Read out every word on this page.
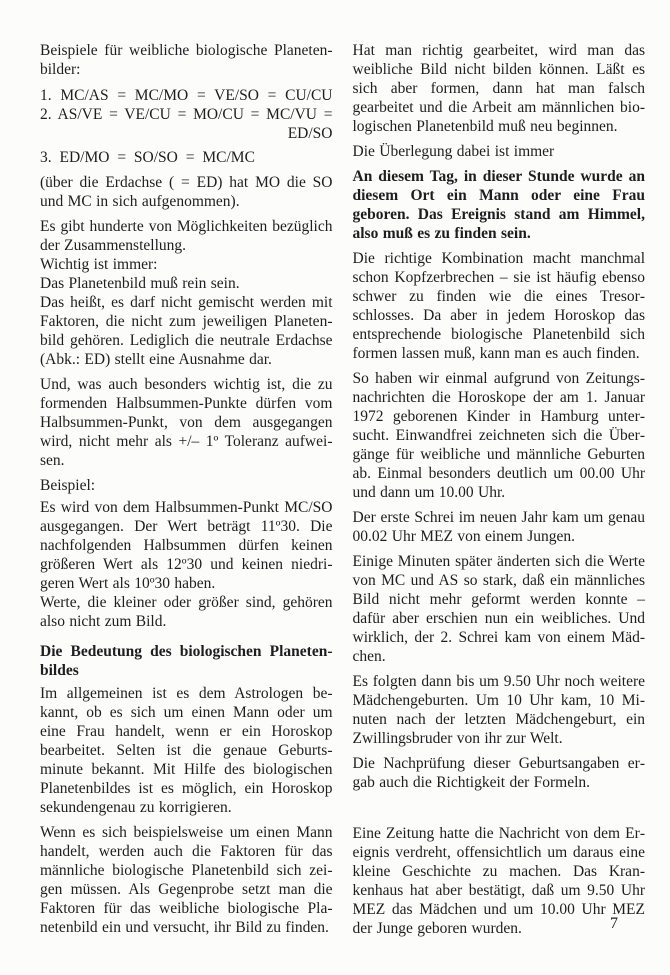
Beispiele für weibliche biologische Planetenbilder:

1. MC/AS = MC/MO = VE/SO = CU/CU
2. AS/VE = VE/CU = MO/CU = MC/VU =
ED/SO
3. ED/MO = SO/SO = MC/MC

(über die Erdachse ( = ED) hat MO die SO und MC in sich aufgenommen).

Es gibt hunderte von Möglichkeiten bezüglich der Zusammenstellung.

Wichtig ist immer:

Das Planetenbild muß rein sein.

Das heißt, es darf nicht gemischt werden mit Faktoren, die nicht zum jeweiligen Planetenbild gehören. Lediglich die neutrale Erdachse (Abk.: ED) stellt eine Ausnahme dar.

Und, was auch besonders wichtig ist, die zu formenden Halbsummen-Punkte dürfen vom Halbsummen-Punkt, von dem ausgegangen wird, nicht mehr als +/– 1º Toleranz aufweisen.

Beispiel:

Es wird von dem Halbsummen-Punkt MC/SO ausgegangen. Der Wert beträgt 11º30. Die nachfolgenden Halbsummen dürfen keinen größeren Wert als 12º30 und keinen niedrigeren Wert als 10º30 haben.

Werte, die kleiner oder größer sind, gehören also nicht zum Bild.

Die Bedeutung des biologischen Planetenbildes

Im allgemeinen ist es dem Astrologen bekannt, ob es sich um einen Mann oder um eine Frau handelt, wenn er ein Horoskop bearbeitet. Selten ist die genaue Geburtsminute bekannt. Mit Hilfe des biologischen Planetenbildes ist es möglich, ein Horoskop sekundengenau zu korrigieren.

Wenn es sich beispielsweise um einen Mann handelt, werden auch die Faktoren für das männliche biologische Planetenbild sich zeigen müssen. Als Gegenprobe setzt man die Faktoren für das weibliche biologische Planetenbild ein und versucht, ihr Bild zu finden.

Hat man richtig gearbeitet, wird man das weibliche Bild nicht bilden können. Läßt es sich aber formen, dann hat man falsch gearbeitet und die Arbeit am männlichen biologischen Planetenbild muß neu beginnen.

Die Überlegung dabei ist immer

An diesem Tag, in dieser Stunde wurde an diesem Ort ein Mann oder eine Frau geboren. Das Ereignis stand am Himmel, also muß es zu finden sein.

Die richtige Kombination macht manchmal schon Kopfzerbrechen – sie ist häufig ebenso schwer zu finden wie die eines Tresorschlosses. Da aber in jedem Horoskop das entsprechende biologische Planetenbild sich formen lassen muß, kann man es auch finden.

So haben wir einmal aufgrund von Zeitungsnachrichten die Horoskope der am 1. Januar 1972 geborenen Kinder in Hamburg untersucht. Einwandfrei zeichneten sich die Übergänge für weibliche und männliche Geburten ab. Einmal besonders deutlich um 00.00 Uhr und dann um 10.00 Uhr.

Der erste Schrei im neuen Jahr kam um genau 00.02 Uhr MEZ von einem Jungen.

Einige Minuten später änderten sich die Werte von MC und AS so stark, daß ein männliches Bild nicht mehr geformt werden konnte – dafür aber erschien nun ein weibliches. Und wirklich, der 2. Schrei kam von einem Mädchen.

Es folgten dann bis um 9.50 Uhr noch weitere Mädchengeburten. Um 10 Uhr kam, 10 Minuten nach der letzten Mädchengeburt, ein Zwillingsbruder von ihr zur Welt.

Die Nachprüfung dieser Geburtsangaben ergab auch die Richtigkeit der Formeln.

Eine Zeitung hatte die Nachricht von dem Ereignis verdreht, offensichtlich um daraus eine kleine Geschichte zu machen. Das Krankenhaus hat aber bestätigt, daß um 9.50 Uhr MEZ das Mädchen und um 10.00 Uhr MEZ der Junge geboren wurden.	7
